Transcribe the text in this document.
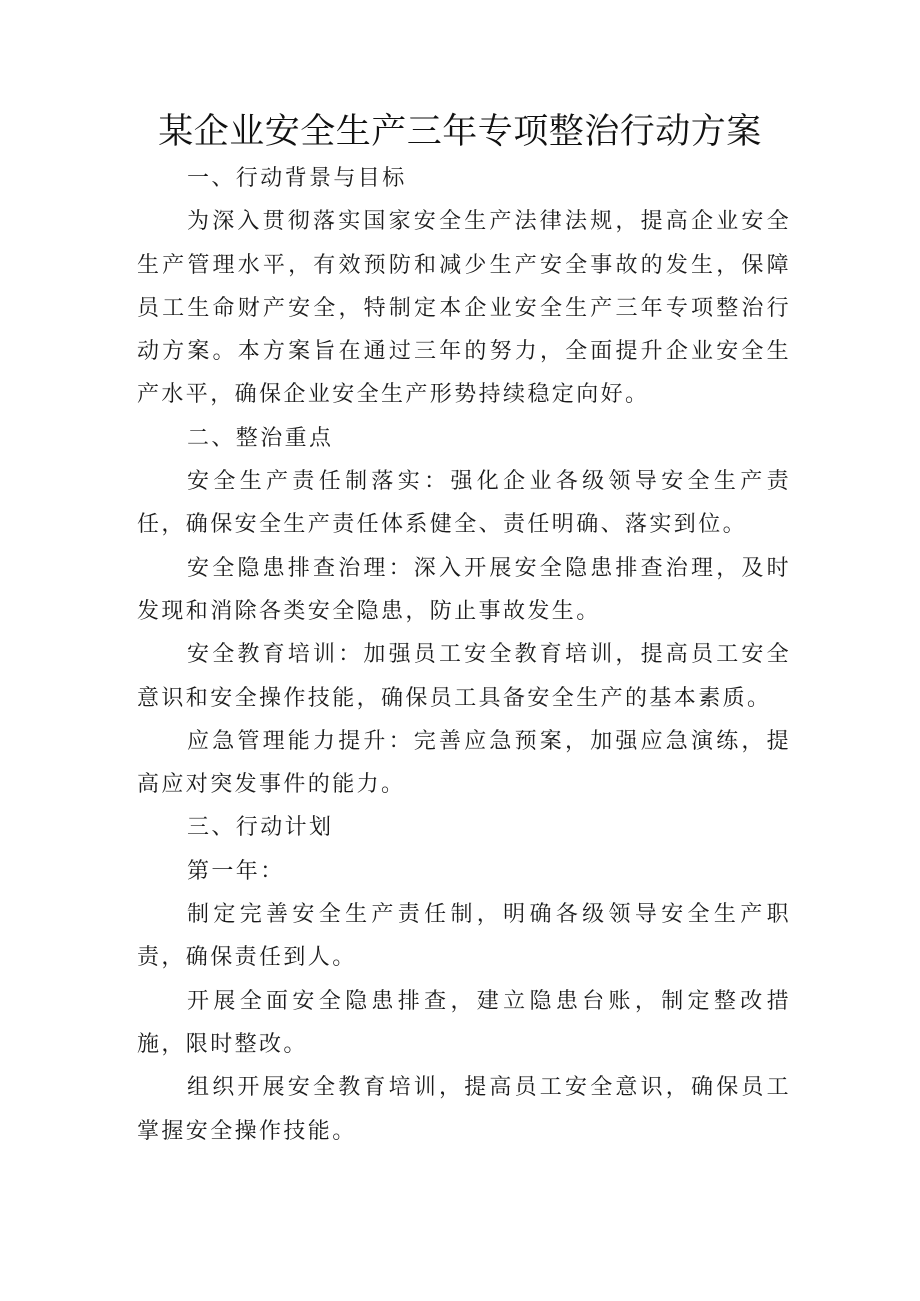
某企业安全生产三年专项整治行动方案

一、行动背景与目标

为深入贯彻落实国家安全生产法律法规，提高企业安全生产管理水平，有效预防和减少生产安全事故的发生，保障员工生命财产安全，特制定本企业安全生产三年专项整治行动方案。本方案旨在通过三年的努力，全面提升企业安全生产水平，确保企业安全生产形势持续稳定向好。

二、整治重点

安全生产责任制落实：强化企业各级领导安全生产责任，确保安全生产责任体系健全、责任明确、落实到位。

安全隐患排查治理：深入开展安全隐患排查治理，及时发现和消除各类安全隐患，防止事故发生。

安全教育培训：加强员工安全教育培训，提高员工安全意识和安全操作技能，确保员工具备安全生产的基本素质。

应急管理能力提升：完善应急预案，加强应急演练，提高应对突发事件的能力。

三、行动计划

第一年：

制定完善安全生产责任制，明确各级领导安全生产职责，确保责任到人。

开展全面安全隐患排查，建立隐患台账，制定整改措施，限时整改。

组织开展安全教育培训，提高员工安全意识，确保员工掌握安全操作技能。
